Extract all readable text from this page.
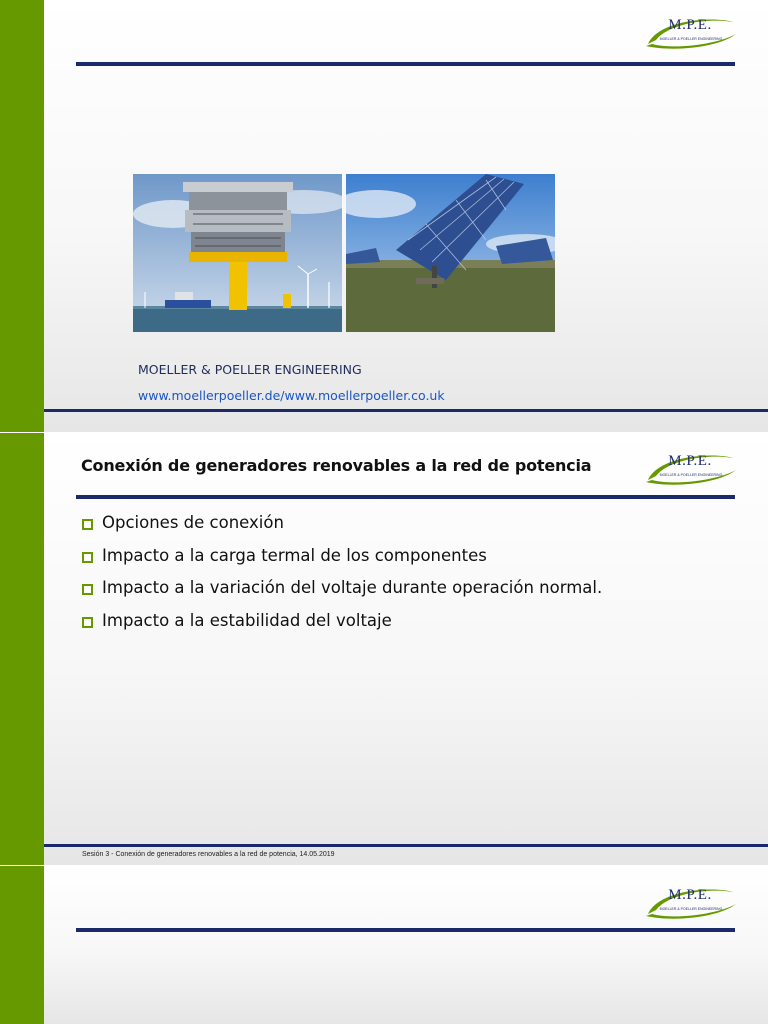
M.P.E.
MOELLER & POELLER ENGINEERING
MOELLER & POELLER ENGINEERING
www.moellerpoeller.de/www.moellerpoeller.co.uk
Conexión de generadores renovables a la red de potencia	M.P.E.
MOELLER & POELLER ENGINEERING
Opciones de conexión
Impacto a la carga termal de los componentes
Impacto a la variación del voltaje durante operación normal.
Impacto a la estabilidad del voltaje
Sesión 3 - Conexión de generadores renovables a la red de potencia, 14.05.2019
M.P.E.
MOELLER & POELLER ENGINEERING
